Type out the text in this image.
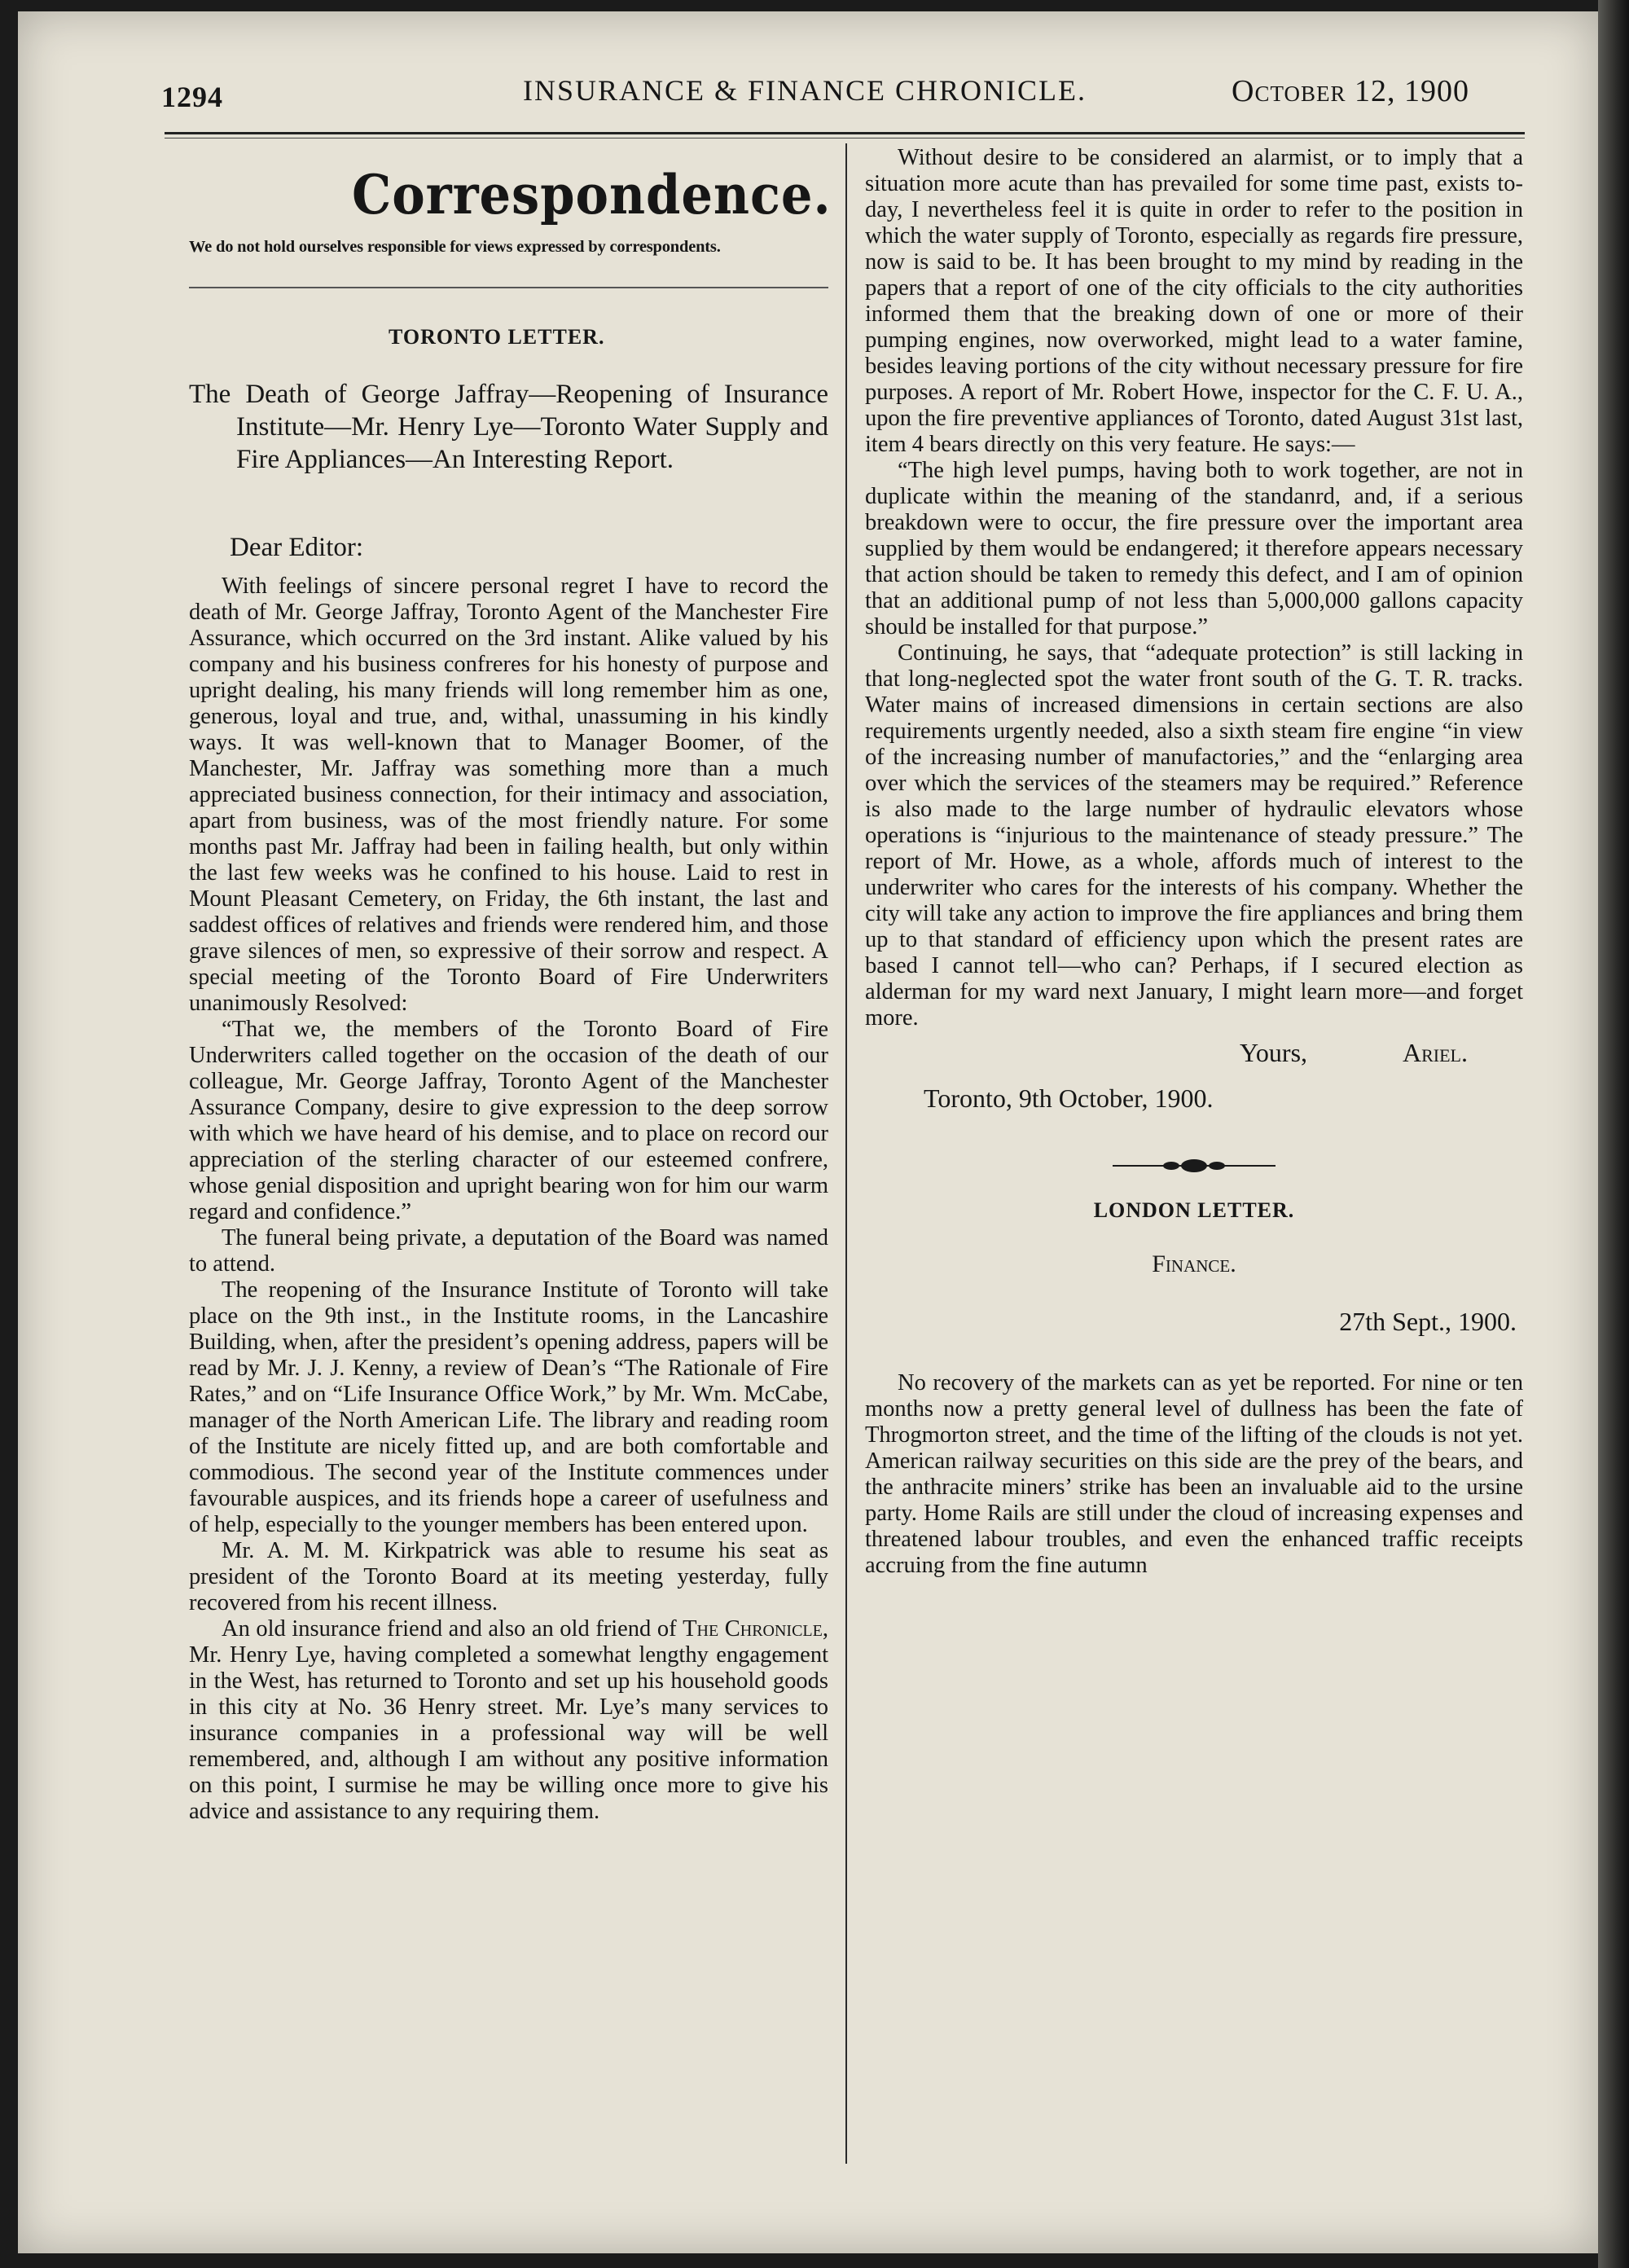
1294	INSURANCE & FINANCE CHRONICLE.	October 12, 1900
Correspondence.
We do not hold ourselves responsible for views expressed by correspondents.
TORONTO LETTER.

The Death of George Jaffray—Reopening of Insurance Institute—Mr. Henry Lye—Toronto Water Supply and Fire Appliances—An Interesting Report.

Dear Editor:

With feelings of sincere personal regret I have to record the death of Mr. George Jaffray, Toronto Agent of the Manchester Fire Assurance, which occurred on the 3rd instant. Alike valued by his company and his business confreres for his honesty of purpose and upright dealing, his many friends will long remember him as one, generous, loyal and true, and, withal, unassuming in his kindly ways. It was well-known that to Manager Boomer, of the Manchester, Mr. Jaffray was something more than a much appreciated business connection, for their intimacy and association, apart from business, was of the most friendly nature. For some months past Mr. Jaffray had been in failing health, but only within the last few weeks was he confined to his house. Laid to rest in Mount Pleasant Cemetery, on Friday, the 6th instant, the last and saddest offices of relatives and friends were rendered him, and those grave silences of men, so expressive of their sorrow and respect. A special meeting of the Toronto Board of Fire Underwriters unanimously Resolved:

“That we, the members of the Toronto Board of Fire Underwriters called together on the occasion of the death of our colleague, Mr. George Jaffray, Toronto Agent of the Manchester Assurance Company, desire to give expression to the deep sorrow with which we have heard of his demise, and to place on record our appreciation of the sterling character of our esteemed confrere, whose genial disposition and upright bearing won for him our warm regard and confidence.”

The funeral being private, a deputation of the Board was named to attend.

The reopening of the Insurance Institute of Toronto will take place on the 9th inst., in the Institute rooms, in the Lancashire Building, when, after the president’s opening address, papers will be read by Mr. J. J. Kenny, a review of Dean’s “The Rationale of Fire Rates,” and on “Life Insurance Office Work,” by Mr. Wm. McCabe, manager of the North American Life. The library and reading room of the Institute are nicely fitted up, and are both comfortable and commodious. The second year of the Institute commences under favourable auspices, and its friends hope a career of usefulness and of help, especially to the younger members has been entered upon.

Mr. A. M. M. Kirkpatrick was able to resume his seat as president of the Toronto Board at its meeting yesterday, fully recovered from his recent illness.

An old insurance friend and also an old friend of The Chronicle, Mr. Henry Lye, having completed a somewhat lengthy engagement in the West, has returned to Toronto and set up his household goods in this city at No. 36 Henry street. Mr. Lye’s many services to insurance companies in a professional way will be well remembered, and, although I am without any positive information on this point, I surmise he may be willing once more to give his advice and assistance to any requiring them.

Without desire to be considered an alarmist, or to imply that a situation more acute than has prevailed for some time past, exists to-day, I nevertheless feel it is quite in order to refer to the position in which the water supply of Toronto, especially as regards fire pressure, now is said to be. It has been brought to my mind by reading in the papers that a report of one of the city officials to the city authorities informed them that the breaking down of one or more of their pumping engines, now overworked, might lead to a water famine, besides leaving portions of the city without necessary pressure for fire purposes. A report of Mr. Robert Howe, inspector for the C. F. U. A., upon the fire preventive appliances of Toronto, dated August 31st last, item 4 bears directly on this very feature. He says:—

“The high level pumps, having both to work together, are not in duplicate within the meaning of the standanrd, and, if a serious breakdown were to occur, the fire pressure over the important area supplied by them would be endangered; it therefore appears necessary that action should be taken to remedy this defect, and I am of opinion that an additional pump of not less than 5,000,000 gallons capacity should be installed for that purpose.”

Continuing, he says, that “adequate protection” is still lacking in that long-neglected spot the water front south of the G. T. R. tracks. Water mains of increased dimensions in certain sections are also requirements urgently needed, also a sixth steam fire engine “in view of the increasing number of manufactories,” and the “enlarging area over which the services of the steamers may be required.” Reference is also made to the large number of hydraulic elevators whose operations is “injurious to the maintenance of steady pressure.” The report of Mr. Howe, as a whole, affords much of interest to the underwriter who cares for the interests of his company. Whether the city will take any action to improve the fire appliances and bring them up to that standard of efficiency upon which the present rates are based I cannot tell—who can? Perhaps, if I secured election as alderman for my ward next January, I might learn more—and forget more.

Yours,	Ariel.

Toronto, 9th October, 1900.

LONDON LETTER.

Finance.

27th Sept., 1900.

No recovery of the markets can as yet be reported. For nine or ten months now a pretty general level of dullness has been the fate of Throgmorton street, and the time of the lifting of the clouds is not yet. American railway securities on this side are the prey of the bears, and the anthracite miners’ strike has been an invaluable aid to the ursine party. Home Rails are still under the cloud of increasing expenses and threatened labour troubles, and even the enhanced traffic receipts accruing from the fine autumn
